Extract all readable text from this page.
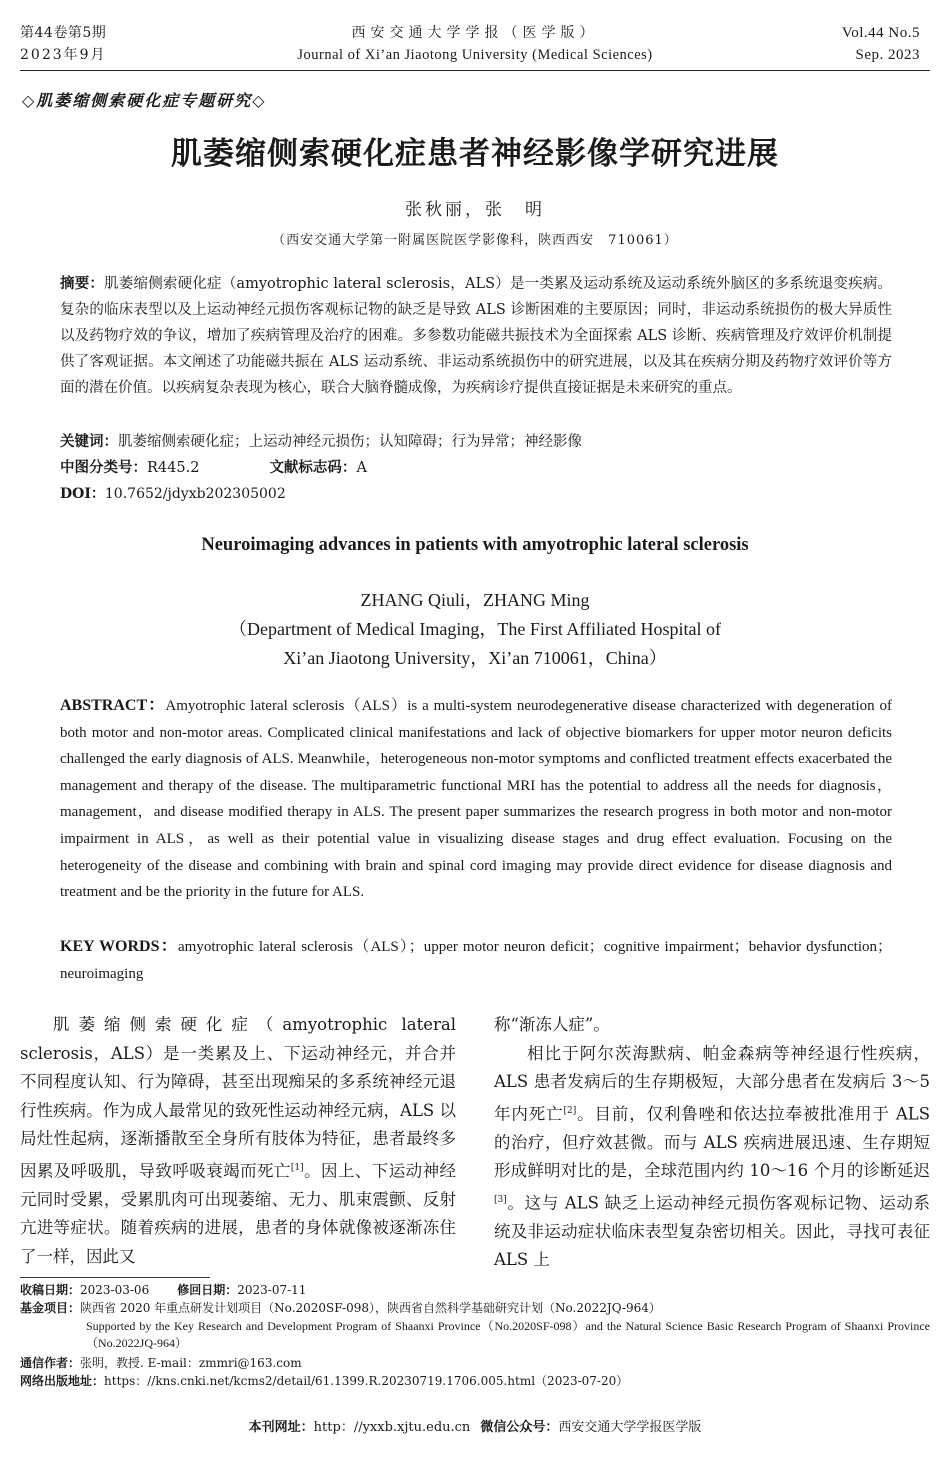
第44卷第5期
2023年9月
西安交通大学学报（医学版）
Journal of Xi’an Jiaotong University (Medical Sciences)
Vol.44 No.5
Sep. 2023
◇肌萎缩侧索硬化症专题研究◇
肌萎缩侧索硬化症患者神经影像学研究进展
张秋丽，张　明
（西安交通大学第一附属医院医学影像科，陕西西安　710061）
摘要：肌萎缩侧索硬化症（amyotrophic lateral sclerosis，ALS）是一类累及运动系统及运动系统外脑区的多系统退变疾病。复杂的临床表型以及上运动神经元损伤客观标记物的缺乏是导致 ALS 诊断困难的主要原因；同时，非运动系统损伤的极大异质性以及药物疗效的争议，增加了疾病管理及治疗的困难。多参数功能磁共振技术为全面探索 ALS 诊断、疾病管理及疗效评价机制提供了客观证据。本文阐述了功能磁共振在 ALS 运动系统、非运动系统损伤中的研究进展，以及其在疾病分期及药物疗效评价等方面的潜在价值。以疾病复杂表现为核心，联合大脑脊髓成像，为疾病诊疗提供直接证据是未来研究的重点。
关键词：肌萎缩侧索硬化症；上运动神经元损伤；认知障碍；行为异常；神经影像
中图分类号：R445.2	文献标志码：A
DOI：10.7652/jdyxb202305002
Neuroimaging advances in patients with amyotrophic lateral sclerosis
ZHANG Qiuli，ZHANG Ming
（Department of Medical Imaging，The First Affiliated Hospital of
Xi’an Jiaotong University，Xi’an 710061，China）
ABSTRACT：Amyotrophic lateral sclerosis（ALS）is a multi-system neurodegenerative disease characterized with degeneration of both motor and non-motor areas. Complicated clinical manifestations and lack of objective biomarkers for upper motor neuron deficits challenged the early diagnosis of ALS. Meanwhile，heterogeneous non-motor symptoms and conflicted treatment effects exacerbated the management and therapy of the disease. The multiparametric functional MRI has the potential to address all the needs for diagnosis，management，and disease modified therapy in ALS. The present paper summarizes the research progress in both motor and non-motor impairment in ALS，as well as their potential value in visualizing disease stages and drug effect evaluation. Focusing on the heterogeneity of the disease and combining with brain and spinal cord imaging may provide direct evidence for disease diagnosis and treatment and be the priority in the future for ALS.
KEY WORDS：amyotrophic lateral sclerosis（ALS）；upper motor neuron deficit；cognitive impairment；behavior dysfunction；neuroimaging
肌萎缩侧索硬化症（amyotrophic lateral sclerosis，ALS）是一类累及上、下运动神经元，并合并不同程度认知、行为障碍，甚至出现痴呆的多系统神经元退行性疾病。作为成人最常见的致死性运动神经元病，ALS 以局灶性起病，逐渐播散至全身所有肢体为特征，患者最终多因累及呼吸肌，导致呼吸衰竭而死亡[1]。因上、下运动神经元同时受累，受累肌肉可出现萎缩、无力、肌束震颤、反射亢进等症状。随着疾病的进展，患者的身体就像被逐渐冻住了一样，因此又
称“渐冻人症”。
相比于阿尔茨海默病、帕金森病等神经退行性疾病，ALS 患者发病后的生存期极短，大部分患者在发病后 3～5 年内死亡[2]。目前，仅利鲁唑和依达拉奉被批准用于 ALS 的治疗，但疗效甚微。而与 ALS 疾病进展迅速、生存期短形成鲜明对比的是，全球范围内约 10～16 个月的诊断延迟[3]。这与 ALS 缺乏上运动神经元损伤客观标记物、运动系统及非运动症状临床表型复杂密切相关。因此，寻找可表征 ALS 上
收稿日期：2023-03-06 修回日期：2023-07-11
基金项目：陕西省 2020 年重点研发计划项目（No.2020SF-098），陕西省自然科学基础研究计划（No.2022JQ-964）
Supported by the Key Research and Development Program of Shaanxi Province（No.2020SF-098）and the Natural Science Basic Research Program of Shaanxi Province（No.2022JQ-964）
通信作者：张明，教授. E-mail：zmmri@163.com
网络出版地址：https：//kns.cnki.net/kcms2/detail/61.1399.R.20230719.1706.005.html（2023-07-20）
本刊网址：http：//yxxb.xjtu.edu.cn 微信公众号：西安交通大学学报医学版
